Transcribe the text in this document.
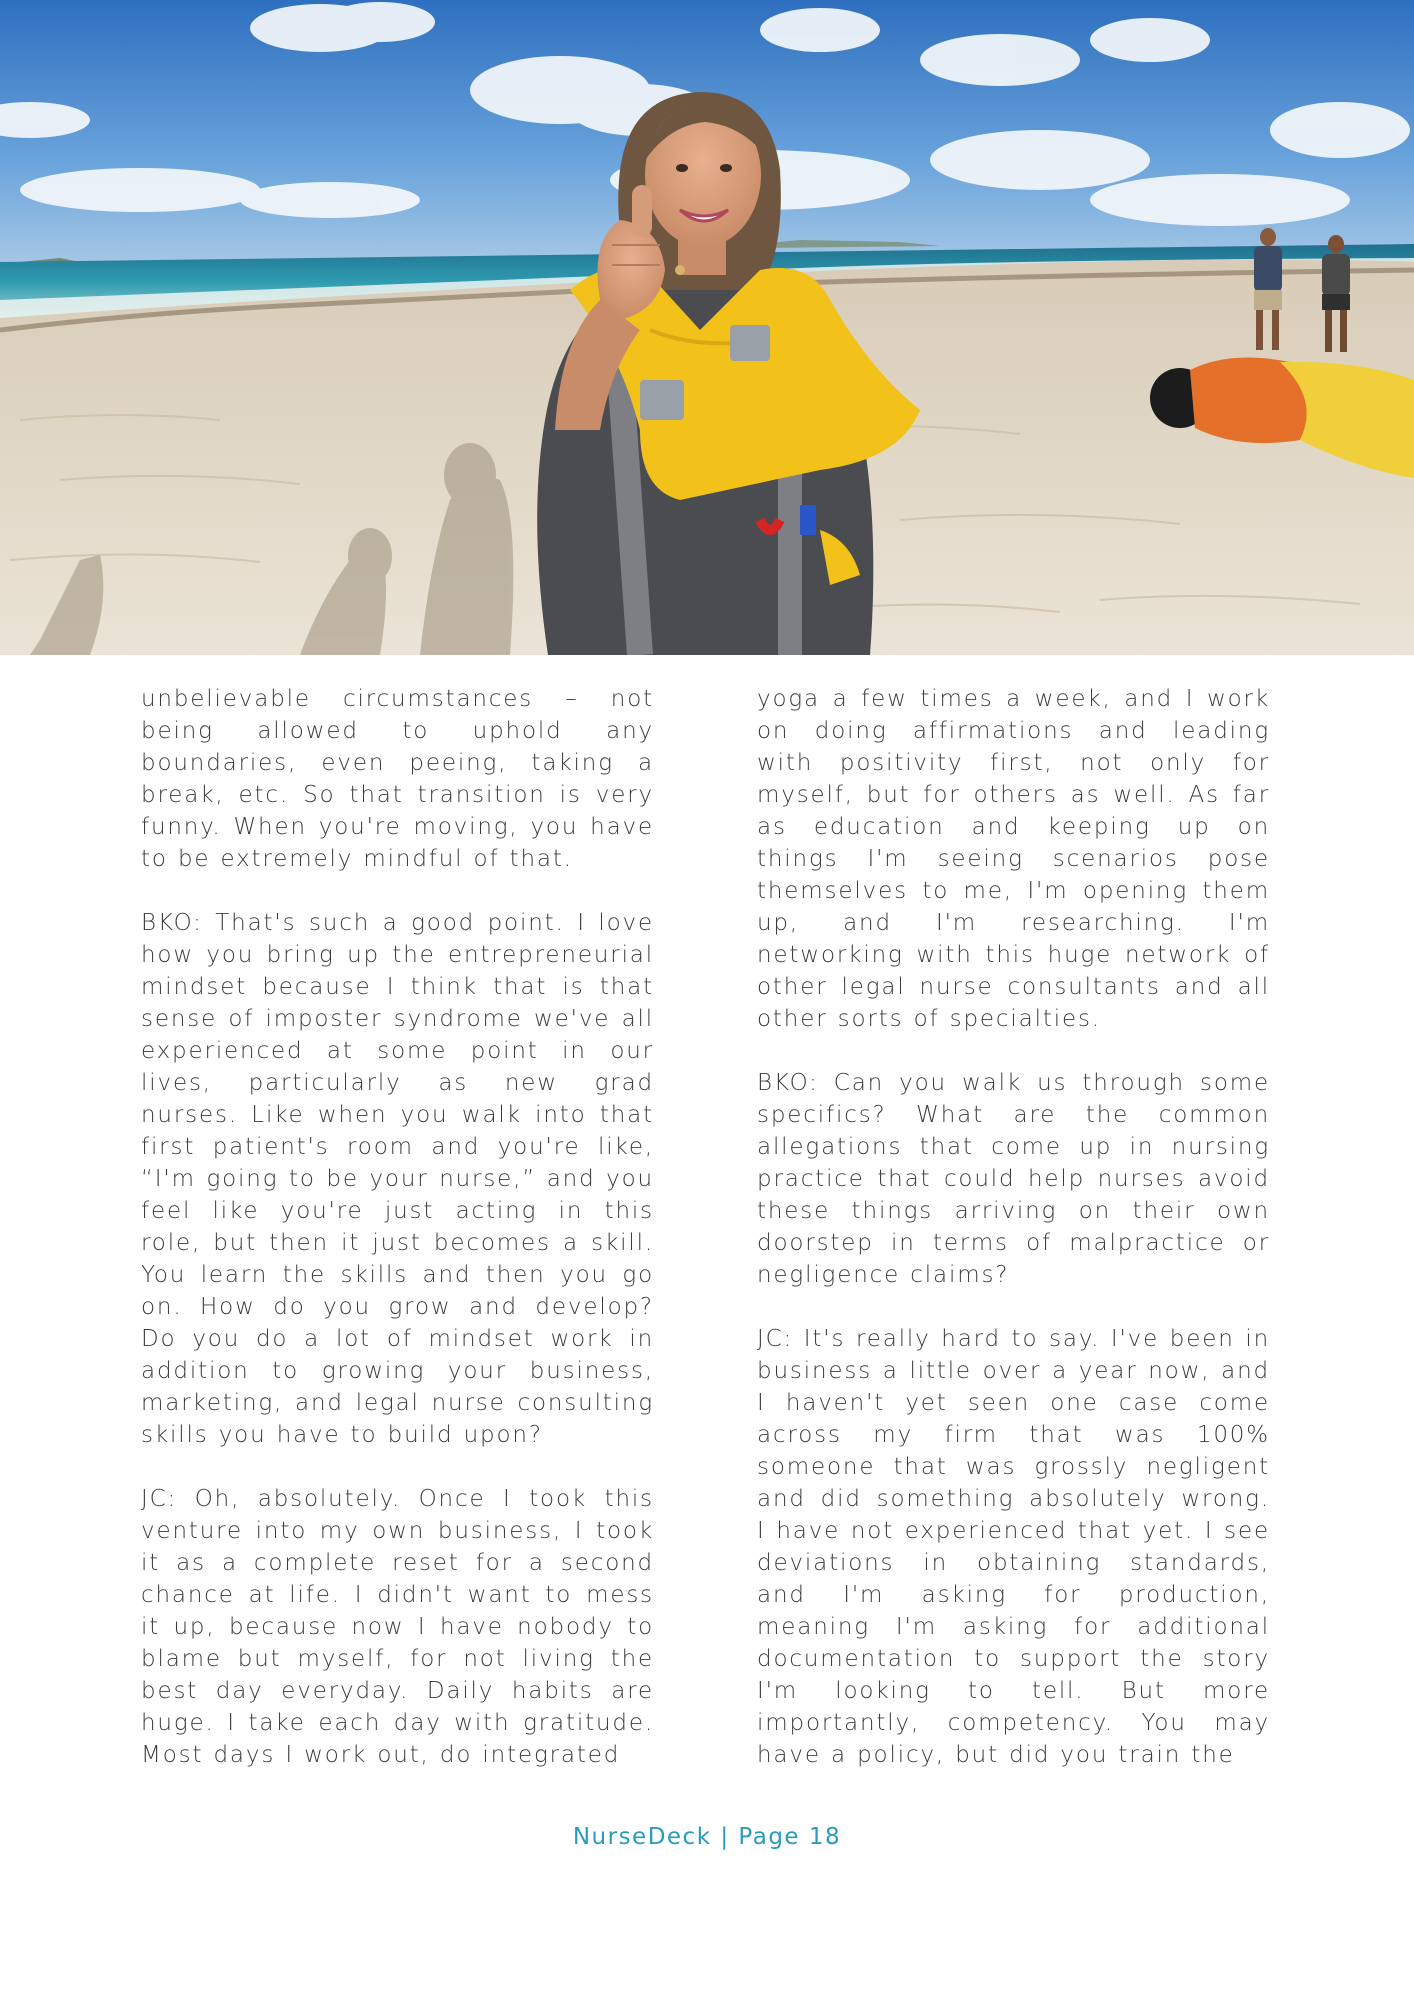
unbelievable circumstances – not being allowed to uphold any boundaries, even peeing, taking a break, etc. So that transition is very funny. When you're moving, you have to be extremely mindful of that.

BKO: That's such a good point. I love how you bring up the entrepreneurial mindset because I think that is that sense of imposter syndrome we've all experienced at some point in our lives, particularly as new grad nurses. Like when you walk into that first patient's room and you're like, “I'm going to be your nurse,” and you feel like you're just acting in this role, but then it just becomes a skill. You learn the skills and then you go on. How do you grow and develop? Do you do a lot of mindset work in addition to growing your business, marketing, and legal nurse consulting skills you have to build upon?

JC: Oh, absolutely. Once I took this venture into my own business, I took it as a complete reset for a second chance at life. I didn't want to mess it up, because now I have nobody to blame but myself, for not living the best day everyday. Daily habits are huge. I take each day with gratitude. Most days I work out, do integrated

yoga a few times a week, and I work on doing affirmations and leading with positivity first, not only for myself, but for others as well. As far as education and keeping up on things I'm seeing scenarios pose themselves to me, I'm opening them up, and I'm researching. I'm networking with this huge network of other legal nurse consultants and all other sorts of specialties.

BKO: Can you walk us through some specifics? What are the common allegations that come up in nursing practice that could help nurses avoid these things arriving on their own doorstep in terms of malpractice or negligence claims?

JC: It's really hard to say. I've been in business a little over a year now, and I haven't yet seen one case come across my firm that was 100% someone that was grossly negligent and did something absolutely wrong. I have not experienced that yet. I see deviations in obtaining standards, and I'm asking for production, meaning I'm asking for additional documentation to support the story I'm looking to tell. But more importantly, competency. You may have a policy, but did you train the

NurseDeck | Page 18
